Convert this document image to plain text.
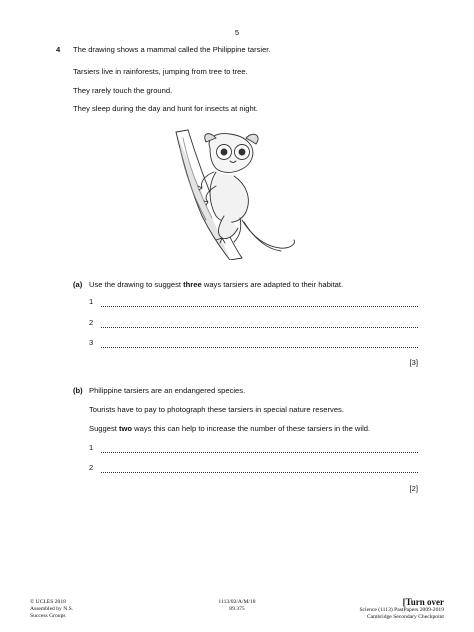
5
4 The drawing shows a mammal called the Philippine tarsier.
Tarsiers live in rainforests, jumping from tree to tree.
They rarely touch the ground.
They sleep during the day and hunt for insects at night.
(a) Use the drawing to suggest three ways tarsiers are adapted to their habitat.
1
2
3
[3]
(b) Philippine tarsiers are an endangered species.
Tourists have to pay to photograph these tarsiers in special nature reserves.
Suggest two ways this can help to increase the number of these tarsiers in the wild.
1
2
[2]
© UCLES 2018
Assembled by N.S.
Success Groups
1113/02/A/M/18
89.375
[Turn over
Science (1113) PastPapers 2009-2019
Cambridge Secondary Checkpoint
